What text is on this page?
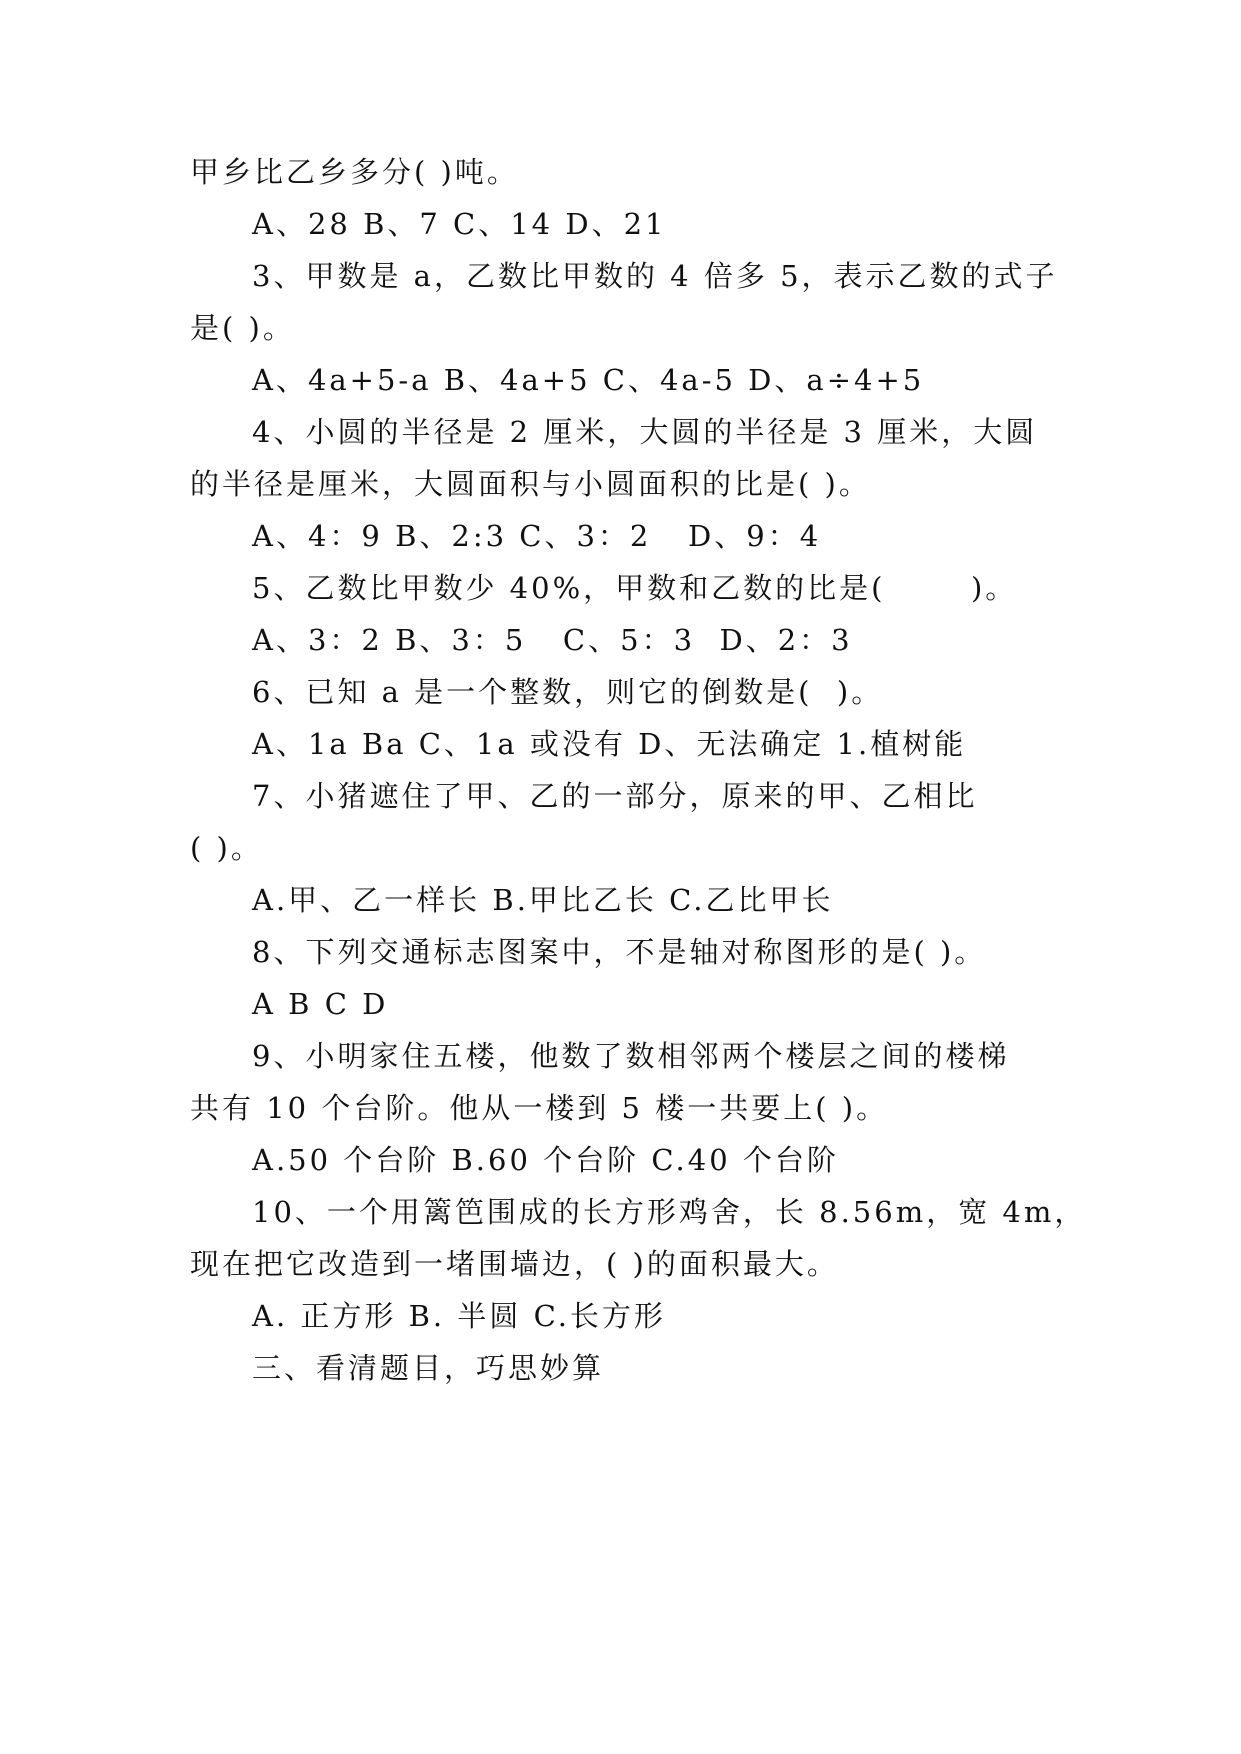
甲乡比乙乡多分( )吨。
A、28 B、7 C、14 D、21
3、甲数是 a，乙数比甲数的 4 倍多 5，表示乙数的式子
是( )。
A、4a+5-a B、4a+5 C、4a-5 D、a÷4+5
4、小圆的半径是 2 厘米，大圆的半径是 3 厘米，大圆
的半径是厘米，大圆面积与小圆面积的比是( )。
A、4：9 B、2:3 C、3：2   D、9：4
5、乙数比甲数少 40%，甲数和乙数的比是(       )。
A、3：2 B、3：5   C、5：3  D、2：3
6、已知 a 是一个整数，则它的倒数是(  )。
A、1a Ba C、1a 或没有 D、无法确定 1.植树能
7、小猪遮住了甲、乙的一部分，原来的甲、乙相比
( )。
A.甲、乙一样长 B.甲比乙长 C.乙比甲长
8、下列交通标志图案中，不是轴对称图形的是( )。
A B C D
9、小明家住五楼，他数了数相邻两个楼层之间的楼梯
共有 10 个台阶。他从一楼到 5 楼一共要上( )。
A.50 个台阶 B.60 个台阶 C.40 个台阶
10、一个用篱笆围成的长方形鸡舍，长 8.56m，宽 4m，
现在把它改造到一堵围墙边，( )的面积最大。
A. 正方形 B. 半圆 C.长方形
三、看清题目，巧思妙算
